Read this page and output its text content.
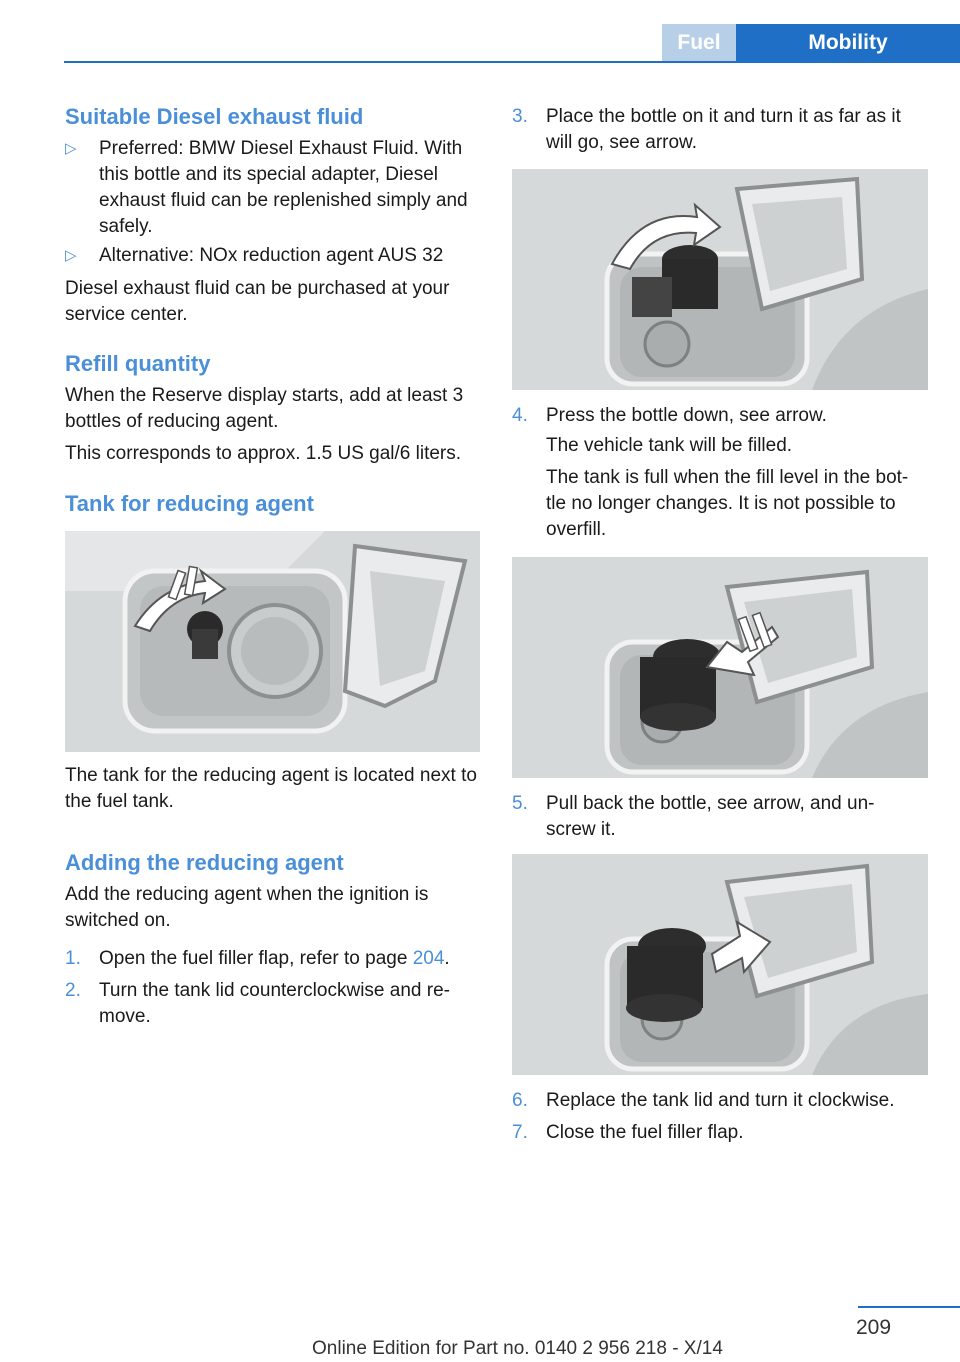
Fuel	Mobility
Suitable Diesel exhaust fluid
▷ Preferred: BMW Diesel Exhaust Fluid. With this bottle and its special adapter, Diesel exhaust fluid can be replenished simply and safely.
▷ Alternative: NOx reduction agent AUS 32
Diesel exhaust fluid can be purchased at your service center.
Refill quantity
When the Reserve display starts, add at least 3 bottles of reducing agent.
This corresponds to approx. 1.5 US gal/6 liters.
Tank for reducing agent
The tank for the reducing agent is located next to the fuel tank.
Adding the reducing agent
Add the reducing agent when the ignition is switched on.
1. Open the fuel filler flap, refer to page 204.
2. Turn the tank lid counterclockwise and re‐ move.
3. Place the bottle on it and turn it as far as it will go, see arrow.
4. Press the bottle down, see arrow.
The vehicle tank will be filled.
The tank is full when the fill level in the bot‐ tle no longer changes. It is not possible to overfill.
5. Pull back the bottle, see arrow, and un‐ screw it.
6. Replace the tank lid and turn it clockwise.
7. Close the fuel filler flap.
209
Online Edition for Part no. 0140 2 956 218 - X/14
